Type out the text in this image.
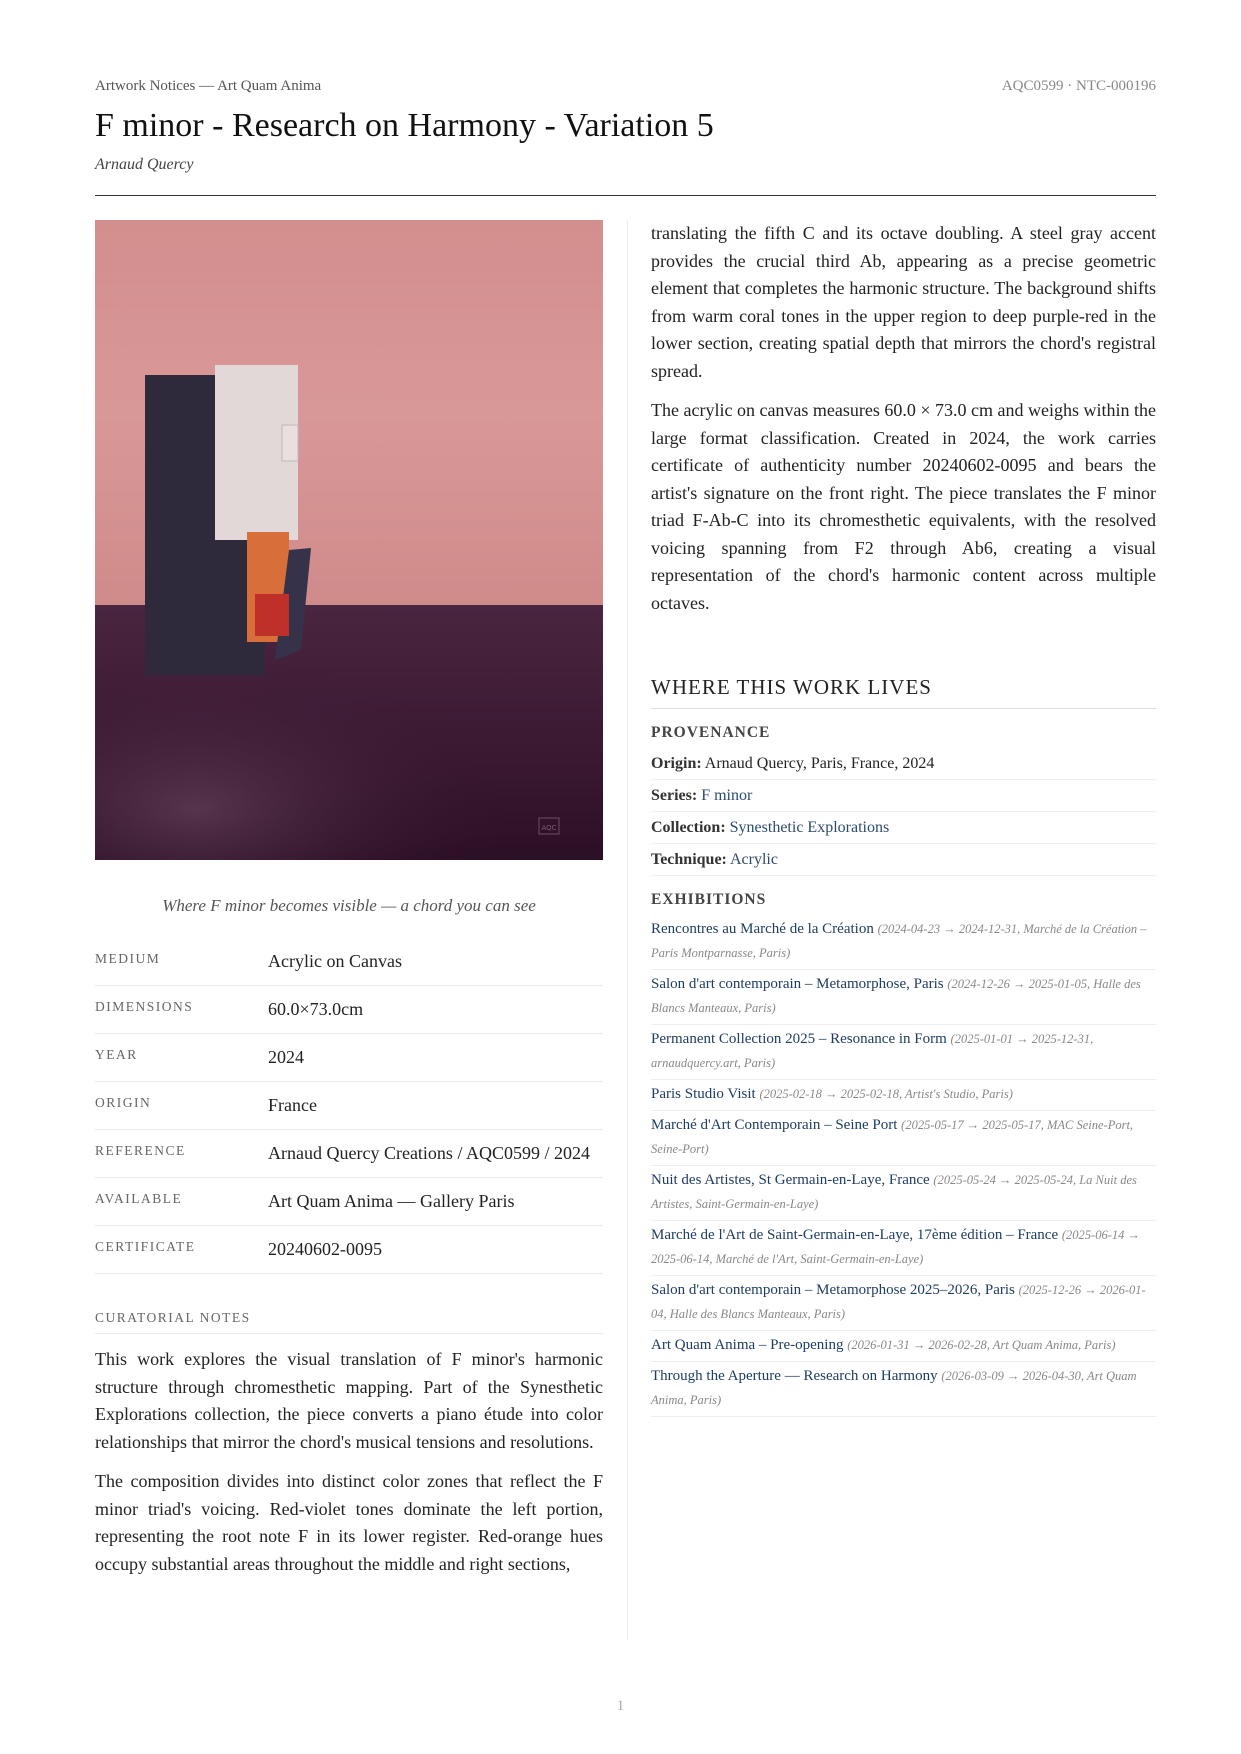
Artwork Notices — Art Quam Anima	AQC0599 · NTC-000196
F minor - Research on Harmony - Variation 5
Arnaud Quercy
AQC
Where F minor becomes visible — a chord you can see
MEDIUM	Acrylic on Canvas
DIMENSIONS	60.0×73.0cm
YEAR	2024
ORIGIN	France
REFERENCE	Arnaud Quercy Creations / AQC0599 / 2024
AVAILABLE	Art Quam Anima — Gallery Paris
CERTIFICATE	20240602-0095
CURATORIAL NOTES

This work explores the visual translation of F minor's harmonic structure through chromesthetic mapping. Part of the Synesthetic Explorations collection, the piece converts a piano étude into color relationships that mirror the chord's musical tensions and resolutions.

The composition divides into distinct color zones that reflect the F minor triad's voicing. Red-violet tones dominate the left portion, representing the root note F in its lower register. Red-orange hues occupy substantial areas throughout the middle and right sections,

translating the fifth C and its octave doubling. A steel gray accent provides the crucial third Ab, appearing as a precise geometric element that completes the harmonic structure. The background shifts from warm coral tones in the upper region to deep purple-red in the lower section, creating spatial depth that mirrors the chord's registral spread.

The acrylic on canvas measures 60.0 × 73.0 cm and weighs within the large format classification. Created in 2024, the work carries certificate of authenticity number 20240602-0095 and bears the artist's signature on the front right. The piece translates the F minor triad F-Ab-C into its chromesthetic equivalents, with the resolved voicing spanning from F2 through Ab6, creating a visual representation of the chord's harmonic content across multiple octaves.

WHERE THIS WORK LIVES
PROVENANCE
Origin: Arnaud Quercy, Paris, France, 2024
Series: F minor
Collection: Synesthetic Explorations
Technique: Acrylic
EXHIBITIONS
Rencontres au Marché de la Création (2024-04-23 → 2024-12-31, Marché de la Création – Paris Montparnasse, Paris)
Salon d'art contemporain – Metamorphose, Paris (2024-12-26 → 2025-01-05, Halle des Blancs Manteaux, Paris)
Permanent Collection 2025 – Resonance in Form (2025-01-01 → 2025-12-31, arnaudquercy.art, Paris)
Paris Studio Visit (2025-02-18 → 2025-02-18, Artist's Studio, Paris)
Marché d'Art Contemporain – Seine Port (2025-05-17 → 2025-05-17, MAC Seine-Port, Seine-Port)
Nuit des Artistes, St Germain-en-Laye, France (2025-05-24 → 2025-05-24, La Nuit des Artistes, Saint-Germain-en-Laye)
Marché de l'Art de Saint-Germain-en-Laye, 17ème édition – France (2025-06-14 → 2025-06-14, Marché de l'Art, Saint-Germain-en-Laye)
Salon d'art contemporain – Metamorphose 2025–2026, Paris (2025-12-26 → 2026-01-04, Halle des Blancs Manteaux, Paris)
Art Quam Anima – Pre-opening (2026-01-31 → 2026-02-28, Art Quam Anima, Paris)
Through the Aperture — Research on Harmony (2026-03-09 → 2026-04-30, Art Quam Anima, Paris)
1
